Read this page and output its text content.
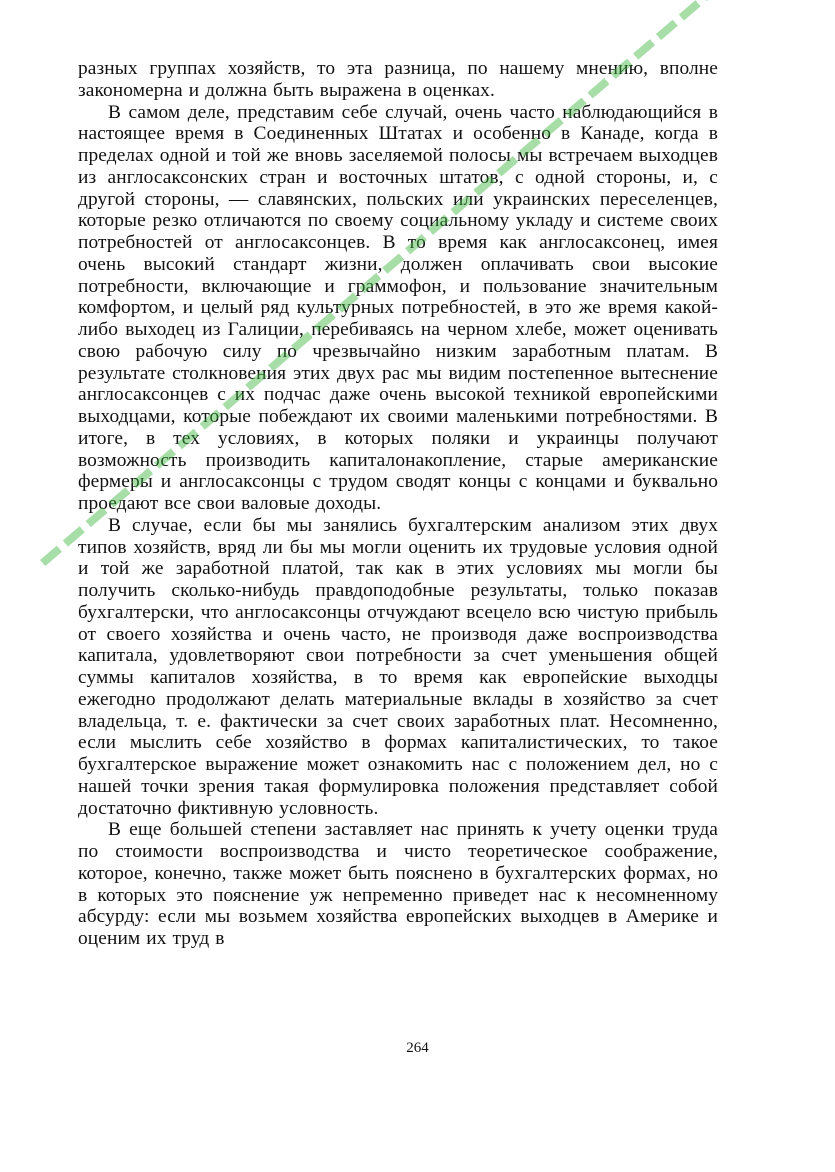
разных группах хозяйств, то эта разница, по нашему мнению, вполне закономерна и должна быть выражена в оценках.

В самом деле, представим себе случай, очень часто наблюдающийся в настоящее время в Соединенных Штатах и особенно в Канаде, когда в пределах одной и той же вновь заселяемой полосы мы встречаем выходцев из англосаксонских стран и восточных штатов, с одной стороны, и, с другой стороны, — славянских, польских или украинских переселенцев, которые резко отличаются по своему социальному укладу и системе своих потребностей от англосаксонцев. В то время как англосаксонец, имея очень высокий стандарт жизни, должен оплачивать свои высокие потребности, включающие и граммофон, и пользование значительным комфортом, и целый ряд культурных потребностей, в это же время какой-либо выходец из Галиции, перебиваясь на черном хлебе, может оценивать свою рабочую силу по чрезвычайно низким заработным платам. В результате столкновения этих двух рас мы видим постепенное вытеснение англосаксонцев с их подчас даже очень высокой техникой европейскими выходцами, которые побеждают их своими маленькими потребностями. В итоге, в тех условиях, в которых поляки и украинцы получают возможность производить капиталонакопление, старые американские фермеры и англосаксонцы с трудом сводят концы с концами и буквально проедают все свои валовые доходы.

В случае, если бы мы занялись бухгалтерским анализом этих двух типов хозяйств, вряд ли бы мы могли оценить их трудовые условия одной и той же заработной платой, так как в этих условиях мы могли бы получить сколько-нибудь правдоподобные результаты, только показав бухгалтерски, что англосаксонцы отчуждают всецело всю чистую прибыль от своего хозяйства и очень часто, не производя даже воспроизводства капитала, удовлетворяют свои потребности за счет уменьшения общей суммы капиталов хозяйства, в то время как европейские выходцы ежегодно продолжают делать материальные вклады в хозяйство за счет владельца, т. е. фактически за счет своих заработных плат. Несомненно, если мыслить себе хозяйство в формах капиталистических, то такое бухгалтерское выражение может ознакомить нас с положением дел, но с нашей точки зрения такая формулировка положения представляет собой достаточно фиктивную условность.

В еще большей степени заставляет нас принять к учету оценки труда по стоимости воспроизводства и чисто теоретическое соображение, которое, конечно, также может быть пояснено в бухгалтерских формах, но в которых это пояснение уж непременно приведет нас к несомненному абсурду: если мы возьмем хозяйства европейских выходцев в Америке и оценим их труд в

264
